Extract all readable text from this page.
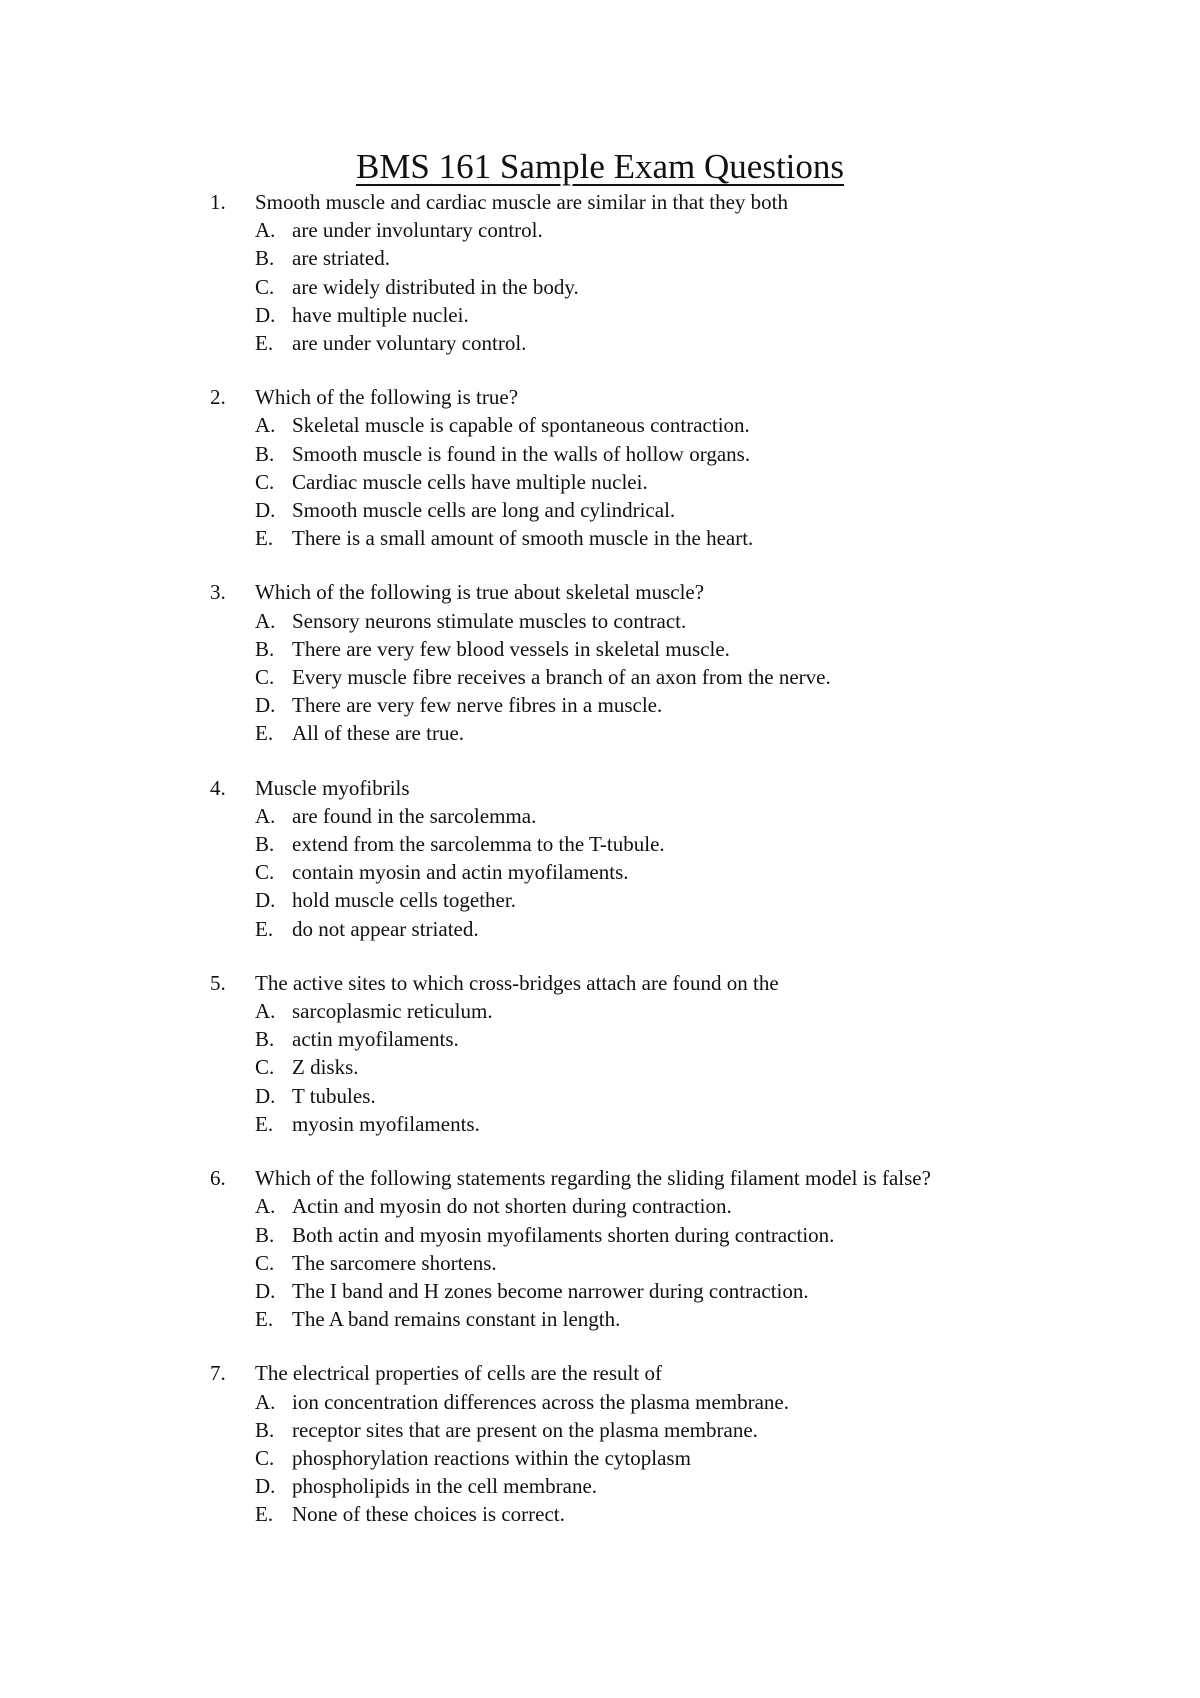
BMS 161 Sample Exam Questions
1.	Smooth muscle and cardiac muscle are similar in that they both
A. are under involuntary control.
B. are striated.
C. are widely distributed in the body.
D. have multiple nuclei.
E. are under voluntary control.
2.	Which of the following is true?
A. Skeletal muscle is capable of spontaneous contraction.
B. Smooth muscle is found in the walls of hollow organs.
C. Cardiac muscle cells have multiple nuclei.
D. Smooth muscle cells are long and cylindrical.
E. There is a small amount of smooth muscle in the heart.
3.	Which of the following is true about skeletal muscle?
A. Sensory neurons stimulate muscles to contract.
B. There are very few blood vessels in skeletal muscle.
C. Every muscle fibre receives a branch of an axon from the nerve.
D. There are very few nerve fibres in a muscle.
E. All of these are true.
4.	Muscle myofibrils
A. are found in the sarcolemma.
B. extend from the sarcolemma to the T-tubule.
C. contain myosin and actin myofilaments.
D. hold muscle cells together.
E. do not appear striated.
5.	The active sites to which cross-bridges attach are found on the
A. sarcoplasmic reticulum.
B. actin myofilaments.
C. Z disks.
D. T tubules.
E. myosin myofilaments.
6.	Which of the following statements regarding the sliding filament model is false?
A. Actin and myosin do not shorten during contraction.
B. Both actin and myosin myofilaments shorten during contraction.
C. The sarcomere shortens.
D. The I band and H zones become narrower during contraction.
E. The A band remains constant in length.
7.	The electrical properties of cells are the result of
A. ion concentration differences across the plasma membrane.
B. receptor sites that are present on the plasma membrane.
C. phosphorylation reactions within the cytoplasm
D. phospholipids in the cell membrane.
E. None of these choices is correct.
